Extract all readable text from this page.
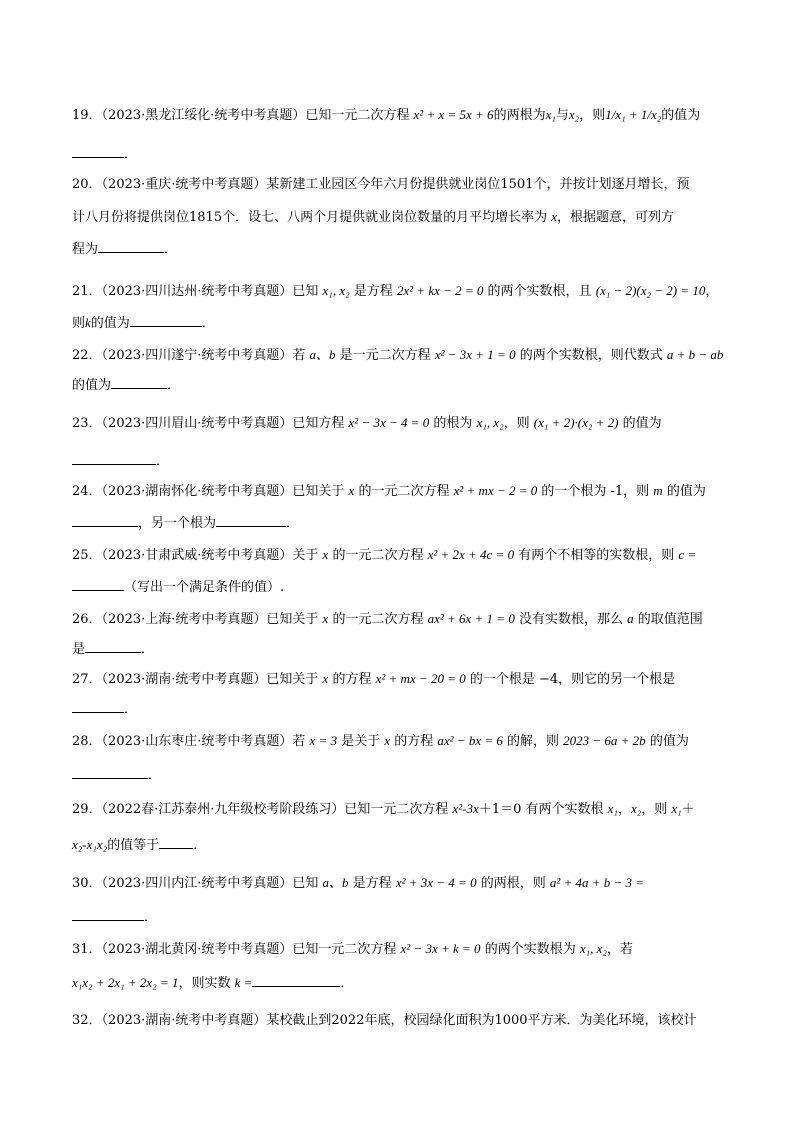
19．（2023·黑龙江绥化·统考中考真题）已知一元二次方程 x² + x = 5x + 6的两根为x₁与x₂，则1/x₁ + 1/x₂的值为
．
20．（2023·重庆·统考中考真题）某新建工业园区今年六月份提供就业岗位1501个，并按计划逐月增长，预
计八月份将提供岗位1815个．设七、八两个月提供就业岗位数量的月平均增长率为 x，根据题意，可列方
程为	．
21．（2023·四川达州·统考中考真题）已知 x₁, x₂ 是方程 2x² + kx − 2 = 0 的两个实数根，且 (x₁ − 2)(x₂ − 2) = 10，
则k的值为	．
22．（2023·四川遂宁·统考中考真题）若 a、b 是一元二次方程 x² − 3x + 1 = 0 的两个实数根，则代数式 a + b − ab
的值为	．
23．（2023·四川眉山·统考中考真题）已知方程 x² − 3x − 4 = 0 的根为 x₁, x₂，则 (x₁ + 2)·(x₂ + 2) 的值为
．
24．（2023·湖南怀化·统考中考真题）已知关于 x 的一元二次方程 x² + mx − 2 = 0 的一个根为 -1，则 m 的值为
，另一个根为	．
25．（2023·甘肃武威·统考中考真题）关于 x 的一元二次方程 x² + 2x + 4c = 0 有两个不相等的实数根，则 c =
（写出一个满足条件的值）.
26．（2023·上海·统考中考真题）已知关于 x 的一元二次方程 ax² + 6x + 1 = 0 没有实数根，那么 a 的取值范围
是	．
27．（2023·湖南·统考中考真题）已知关于 x 的方程 x² + mx − 20 = 0 的一个根是 −4，则它的另一个根是
．
28．（2023·山东枣庄·统考中考真题）若 x = 3 是关于 x 的方程 ax² − bx = 6 的解，则 2023 − 6a + 2b 的值为
．
29．（2022春·江苏泰州·九年级校考阶段练习）已知一元二次方程 x²-3x＋1＝0 有两个实数根 x₁，x₂，则 x₁＋
x₂-x₁x₂的值等于	．
30．（2023·四川内江·统考中考真题）已知 a、b 是方程 x² + 3x − 4 = 0 的两根，则 a² + 4a + b − 3 =
．
31．（2023·湖北黄冈·统考中考真题）已知一元二次方程 x² − 3x + k = 0 的两个实数根为 x₁, x₂，若
x₁x₂ + 2x₁ + 2x₂ = 1，则实数 k =	．
32．（2023·湖南·统考中考真题）某校截止到2022年底，校园绿化面积为1000平方米．为美化环境，该校计
